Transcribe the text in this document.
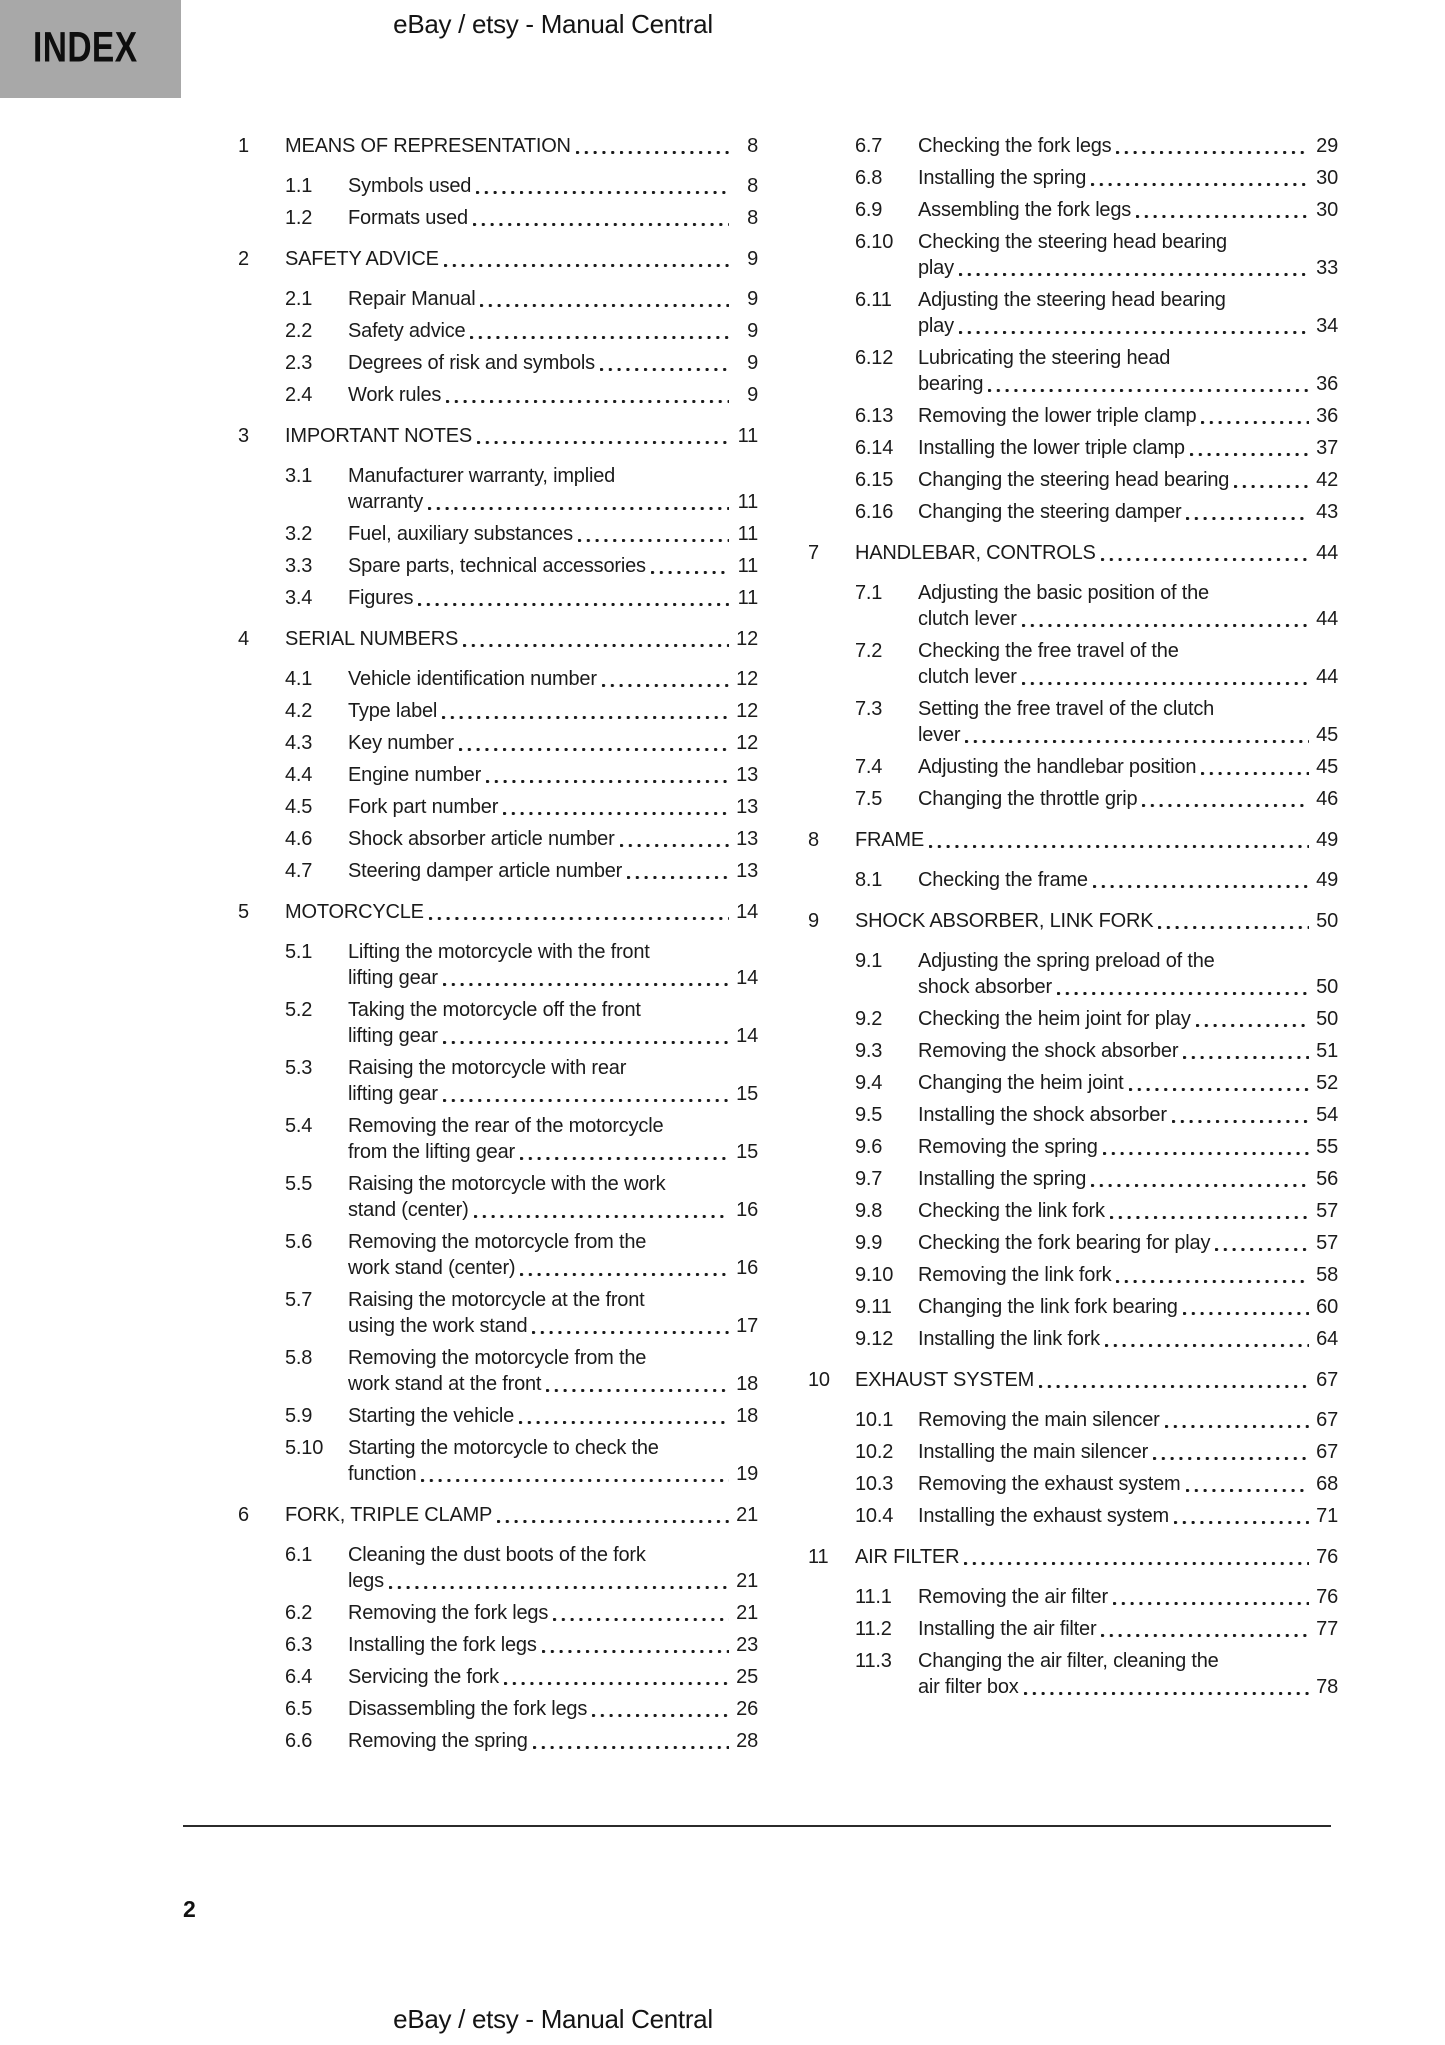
INDEX	eBay / etsy - Manual Central
1	MEANS OF REPRESENTATION	8
1.1	Symbols used	8
1.2	Formats used	8
2	SAFETY ADVICE	9
2.1	Repair Manual	9
2.2	Safety advice	9
2.3	Degrees of risk and symbols	9
2.4	Work rules	9
3	IMPORTANT NOTES	11
3.1	Manufacturer warranty, implied
warranty	11
3.2	Fuel, auxiliary substances	11
3.3	Spare parts, technical accessories	11
3.4	Figures	11
4	SERIAL NUMBERS	12
4.1	Vehicle identification number	12
4.2	Type label	12
4.3	Key number	12
4.4	Engine number	13
4.5	Fork part number	13
4.6	Shock absorber article number	13
4.7	Steering damper article number	13
5	MOTORCYCLE	14
5.1	Lifting the motorcycle with the front
lifting gear	14
5.2	Taking the motorcycle off the front
lifting gear	14
5.3	Raising the motorcycle with rear
lifting gear	15
5.4	Removing the rear of the motorcycle
from the lifting gear	15
5.5	Raising the motorcycle with the work
stand (center)	16
5.6	Removing the motorcycle from the
work stand (center)	16
5.7	Raising the motorcycle at the front
using the work stand	17
5.8	Removing the motorcycle from the
work stand at the front	18
5.9	Starting the vehicle	18
5.10	Starting the motorcycle to check the
function	19
6	FORK, TRIPLE CLAMP	21
6.1	Cleaning the dust boots of the fork
legs	21
6.2	Removing the fork legs	21
6.3	Installing the fork legs	23
6.4	Servicing the fork	25
6.5	Disassembling the fork legs	26
6.6	Removing the spring	28
6.7	Checking the fork legs	29
6.8	Installing the spring	30
6.9	Assembling the fork legs	30
6.10	Checking the steering head bearing
play	33
6.11	Adjusting the steering head bearing
play	34
6.12	Lubricating the steering head
bearing	36
6.13	Removing the lower triple clamp	36
6.14	Installing the lower triple clamp	37
6.15	Changing the steering head bearing	42
6.16	Changing the steering damper	43
7	HANDLEBAR, CONTROLS	44
7.1	Adjusting the basic position of the
clutch lever	44
7.2	Checking the free travel of the
clutch lever	44
7.3	Setting the free travel of the clutch
lever	45
7.4	Adjusting the handlebar position	45
7.5	Changing the throttle grip	46
8	FRAME	49
8.1	Checking the frame	49
9	SHOCK ABSORBER, LINK FORK	50
9.1	Adjusting the spring preload of the
shock absorber	50
9.2	Checking the heim joint for play	50
9.3	Removing the shock absorber	51
9.4	Changing the heim joint	52
9.5	Installing the shock absorber	54
9.6	Removing the spring	55
9.7	Installing the spring	56
9.8	Checking the link fork	57
9.9	Checking the fork bearing for play	57
9.10	Removing the link fork	58
9.11	Changing the link fork bearing	60
9.12	Installing the link fork	64
10	EXHAUST SYSTEM	67
10.1	Removing the main silencer	67
10.2	Installing the main silencer	67
10.3	Removing the exhaust system	68
10.4	Installing the exhaust system	71
11	AIR FILTER	76
11.1	Removing the air filter	76
11.2	Installing the air filter	77
11.3	Changing the air filter, cleaning the
air filter box	78
2
eBay / etsy - Manual Central
